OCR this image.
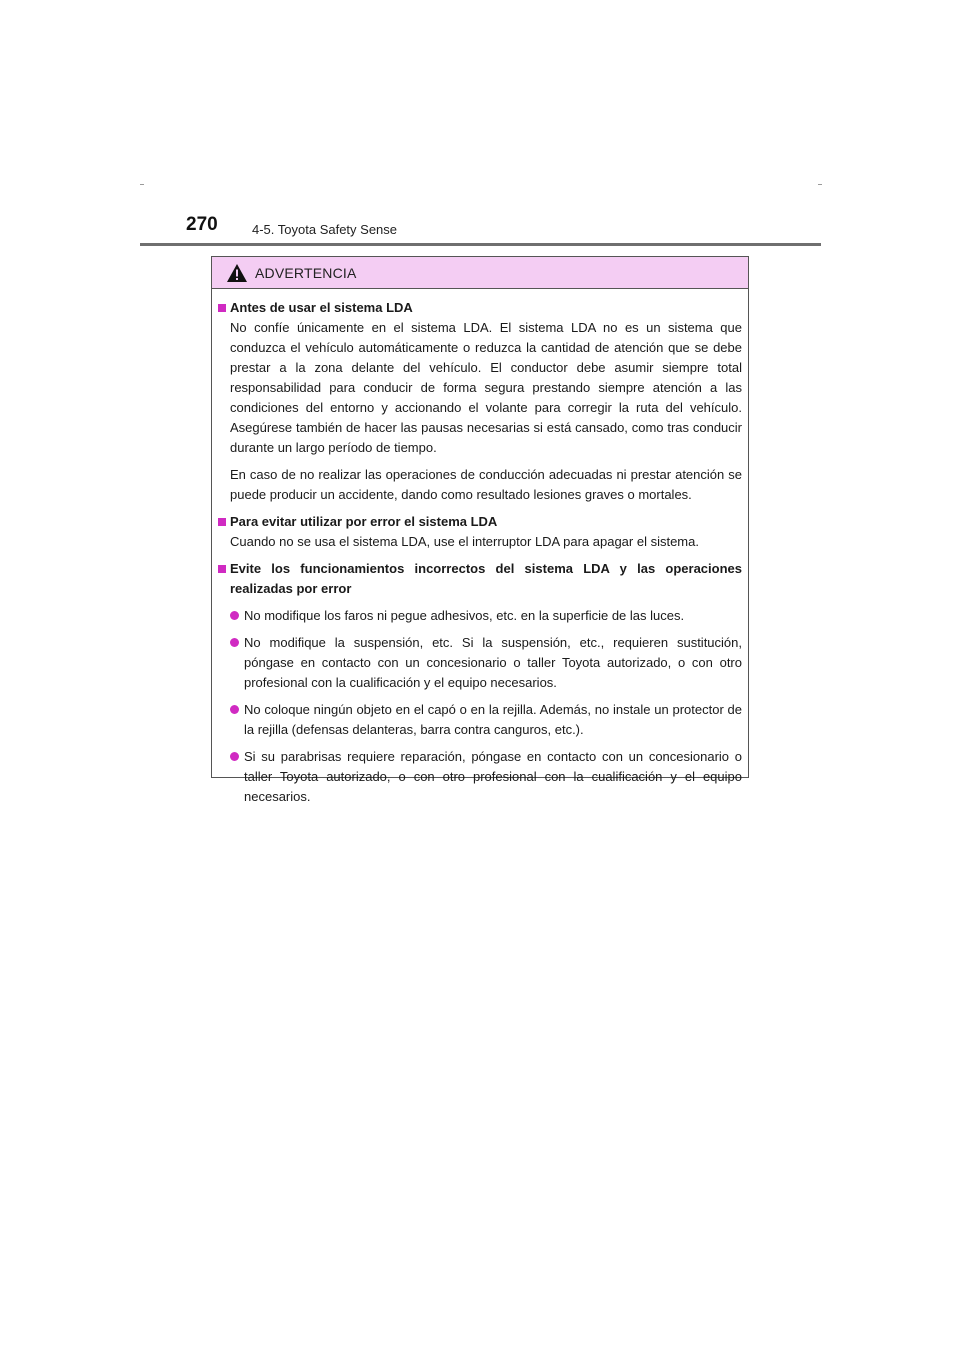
270	4-5. Toyota Safety Sense
ADVERTENCIA
Antes de usar el sistema LDA

No confíe únicamente en el sistema LDA. El sistema LDA no es un sistema que conduzca el vehículo automáticamente o reduzca la cantidad de atención que se debe prestar a la zona delante del vehículo. El conductor debe asumir siempre total responsabilidad para conducir de forma segura prestando siempre atención a las condiciones del entorno y accionando el volante para corregir la ruta del vehículo. Asegúrese también de hacer las pausas necesarias si está cansado, como tras conducir durante un largo período de tiempo.

En caso de no realizar las operaciones de conducción adecuadas ni prestar atención se puede producir un accidente, dando como resultado lesiones graves o mortales.

Para evitar utilizar por error el sistema LDA

Cuando no se usa el sistema LDA, use el interruptor LDA para apagar el sistema.

Evite los funcionamientos incorrectos del sistema LDA y las operaciones realizadas por error
No modifique los faros ni pegue adhesivos, etc. en la superficie de las luces.
No modifique la suspensión, etc. Si la suspensión, etc., requieren sustitución, póngase en contacto con un concesionario o taller Toyota autorizado, o con otro profesional con la cualificación y el equipo necesarios.
No coloque ningún objeto en el capó o en la rejilla. Además, no instale un protector de la rejilla (defensas delanteras, barra contra canguros, etc.).
Si su parabrisas requiere reparación, póngase en contacto con un concesionario o taller Toyota autorizado, o con otro profesional con la cualificación y el equipo necesarios.
